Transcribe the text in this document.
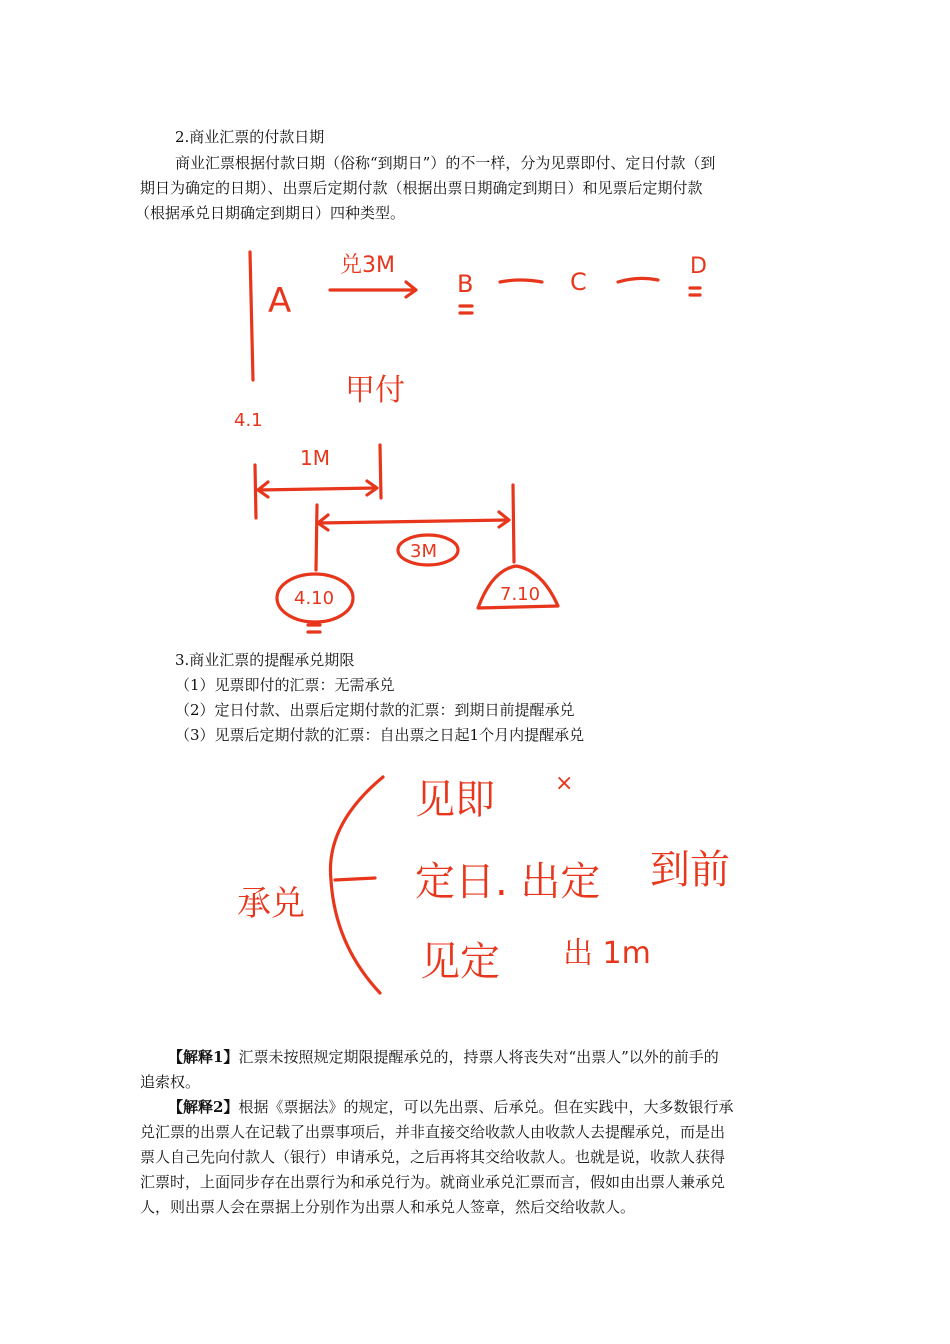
2.商业汇票的付款日期
商业汇票根据付款日期（俗称“到期日”）的不一样，分为见票即付、定日付款（到
期日为确定的日期）、出票后定期付款（根据出票日期确定到期日）和见票后定期付款
（根据承兑日期确定到期日）四种类型。
A
兑3M
B	C
D
甲付
4.1
1M
3M
4.10	7.10
3.商业汇票的提醒承兑期限
（1）见票即付的汇票：无需承兑
（2）定日付款、出票后定期付款的汇票：到期日前提醒承兑
（3）见票后定期付款的汇票：自出票之日起1个月内提醒承兑
承兑
见即	×
定日. 出定 到前
见定 出 1m
【解释1】汇票未按照规定期限提醒承兑的，持票人将丧失对“出票人”以外的前手的
追索权。
【解释2】根据《票据法》的规定，可以先出票、后承兑。但在实践中，大多数银行承
兑汇票的出票人在记载了出票事项后，并非直接交给收款人由收款人去提醒承兑，而是出
票人自己先向付款人（银行）申请承兑，之后再将其交给收款人。也就是说，收款人获得
汇票时，上面同步存在出票行为和承兑行为。就商业承兑汇票而言，假如由出票人兼承兑
人，则出票人会在票据上分别作为出票人和承兑人签章，然后交给收款人。
